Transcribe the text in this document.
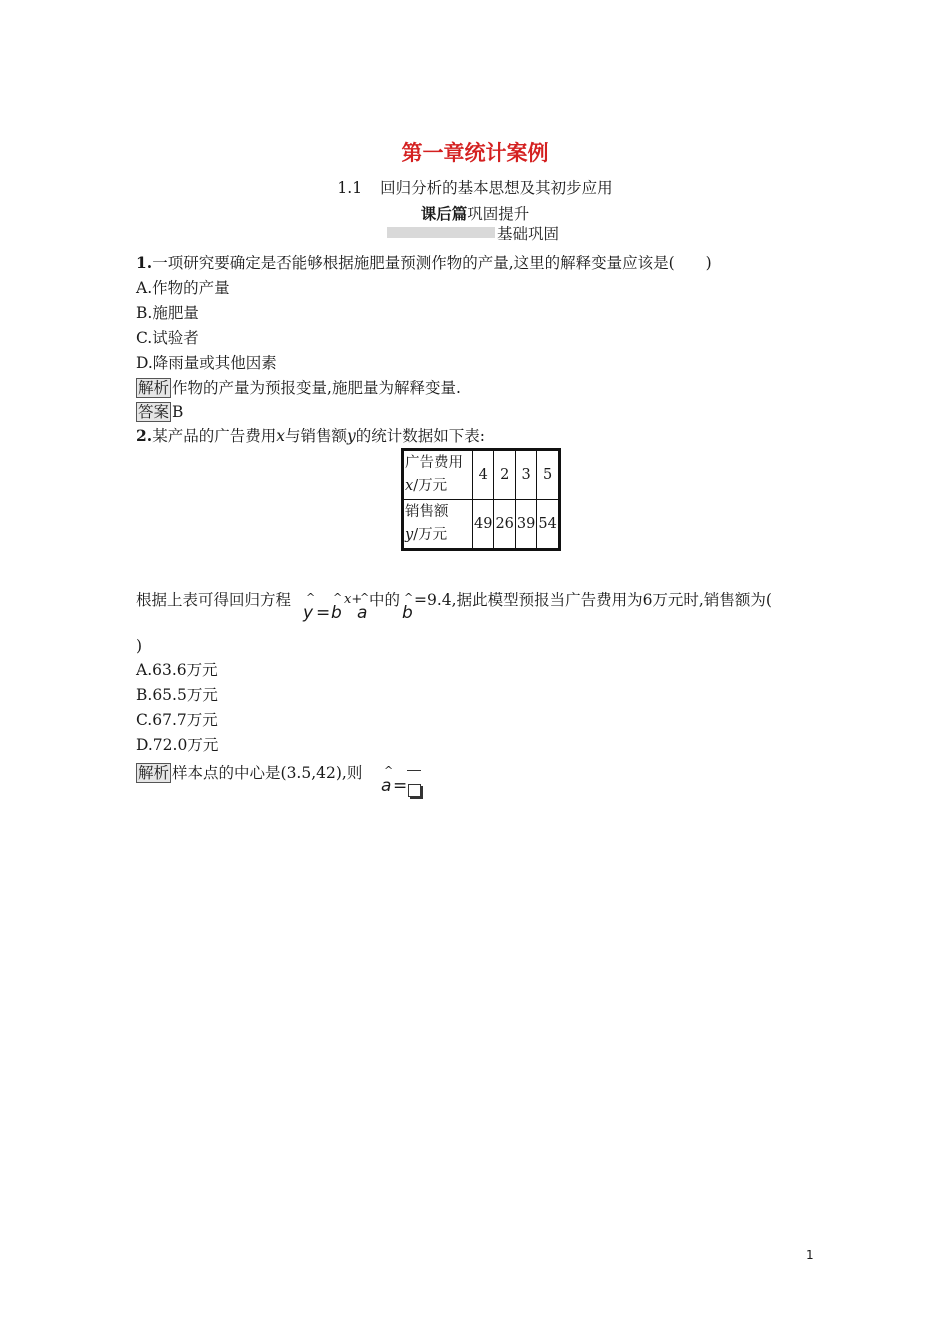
第一章统计案例
1.1 回归分析的基本思想及其初步应用
课后篇巩固提升
基础巩固
1.一项研究要确定是否能够根据施肥量预测作物的产量,这里的解释变量应该是(　　)
A.作物的产量
B.施肥量
C.试验者
D.降雨量或其他因素
解析 作物的产量为预报变量,施肥量为解释变量.
答案 B
2.某产品的广告费用x与销售额y的统计数据如下表:
广告费用
x/万元	4	2	3	5
销售额
y/万元	49	26	39	54
根据上表可得回归方程 ^
y =
^
b
x+
^
a
中的 ^
b
=9.4,据此模型预报当广告费用为6万元时,销售额为(
)
A.63.6万元
B.65.5万元
C.67.7万元
D.72.0万元
解析 样本点的中心是(3.5,42),则 ^
a =
1
